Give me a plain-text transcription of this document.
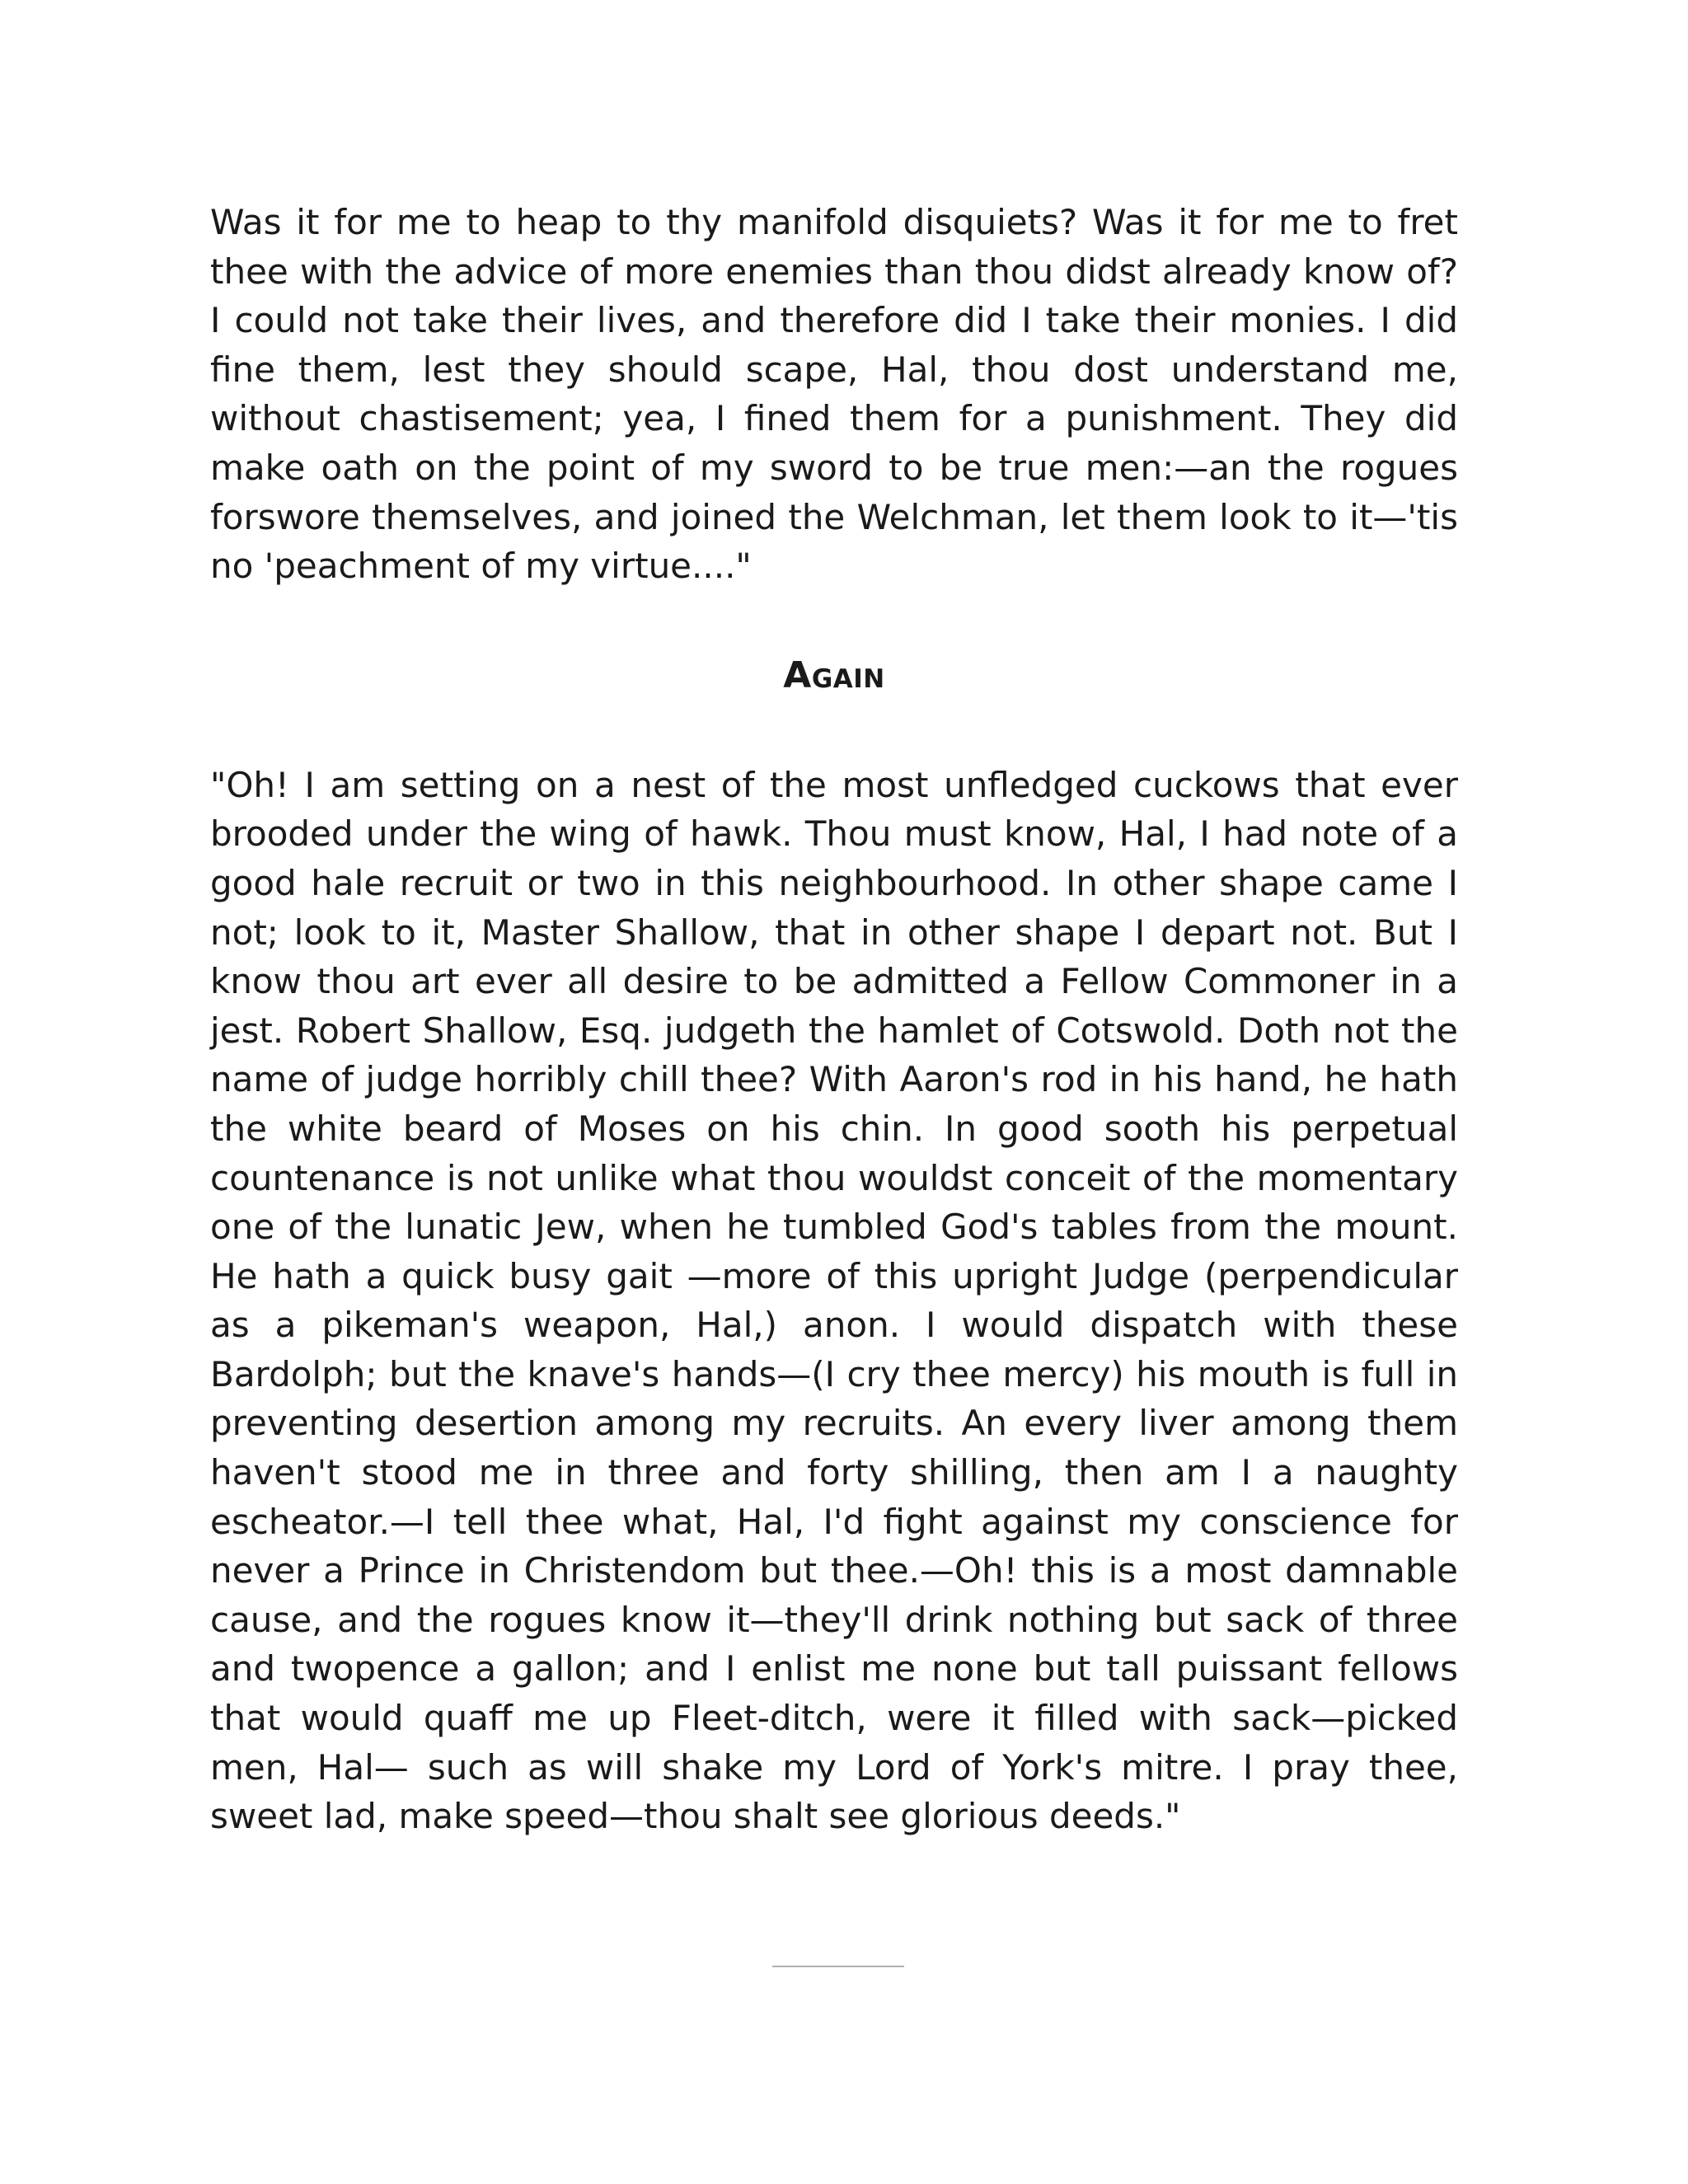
Was it for me to heap to thy manifold disquiets? Was it for me to fret thee with the advice of more enemies than thou didst already know of? I could not take their lives, and therefore did I take their monies. I did fine them, lest they should scape, Hal, thou dost understand me, without chastisement; yea, I fined them for a punishment. They did make oath on the point of my sword to be true men:—an the rogues forswore themselves, and joined the Welchman, let them look to it—'tis no 'peachment of my virtue...."

Again

"Oh! I am setting on a nest of the most unfledged cuckows that ever brooded under the wing of hawk. Thou must know, Hal, I had note of a good hale recruit or two in this neighbourhood. In other shape came I not; look to it, Master Shallow, that in other shape I depart not. But I know thou art ever all desire to be admitted a Fellow Commoner in a jest. Robert Shallow, Esq. judgeth the hamlet of Cotswold. Doth not the name of judge horribly chill thee? With Aaron's rod in his hand, he hath the white beard of Moses on his chin. In good sooth his perpetual countenance is not unlike what thou wouldst conceit of the momentary one of the lunatic Jew, when he tumbled God's tables from the mount. He hath a quick busy gait —more of this upright Judge (perpendicular as a pikeman's weapon, Hal,) anon. I would dispatch with these Bardolph; but the knave's hands—(I cry thee mercy) his mouth is full in preventing desertion among my recruits. An every liver among them haven't stood me in three and forty shilling, then am I a naughty escheator.—I tell thee what, Hal, I'd fight against my conscience for never a Prince in Christendom but thee.—Oh! this is a most damnable cause, and the rogues know it—they'll drink nothing but sack of three and twopence a gallon; and I enlist me none but tall puissant fellows that would quaff me up Fleet-ditch, were it filled with sack—picked men, Hal— such as will shake my Lord of York's mitre. I pray thee, sweet lad, make speed—thou shalt see glorious deeds."
